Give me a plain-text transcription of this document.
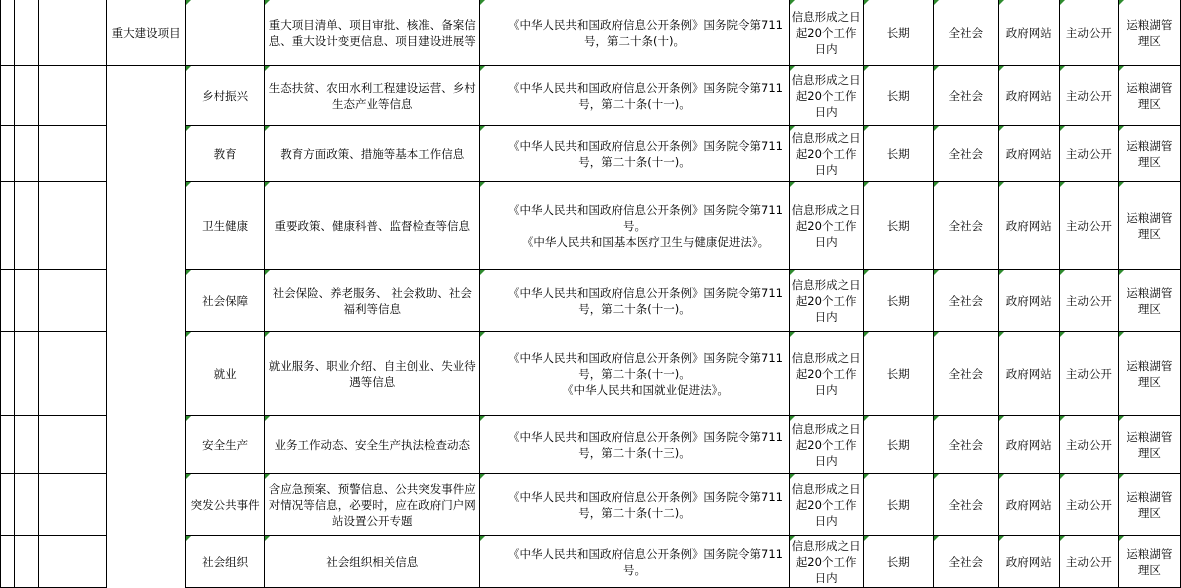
			重大建设项目		重大项目清单、项目审批、核准、备案信息、重大设计变更信息、项目建设进展等	《中华人民共和国政府信息公开条例》国务院令第711号，第二十条(十)。	信息形成之日起20个工作日内	长期	全社会	政府网站	主动公开	运粮湖管理区
				乡村振兴	生态扶贫、农田水利工程建设运营、乡村生态产业等信息	《中华人民共和国政府信息公开条例》国务院令第711号，第二十条(十一)。	信息形成之日起20个工作日内	长期	全社会	政府网站	主动公开	运粮湖管理区
				教育	教育方面政策、措施等基本工作信息	《中华人民共和国政府信息公开条例》国务院令第711号，第二十条(十一)。	信息形成之日起20个工作日内	长期	全社会	政府网站	主动公开	运粮湖管理区
				卫生健康	重要政策、健康科普、监督检查等信息	《中华人民共和国政府信息公开条例》国务院令第711号。
《中华人民共和国基本医疗卫生与健康促进法》。	信息形成之日起20个工作日内	长期	全社会	政府网站	主动公开	运粮湖管理区
				社会保障	社会保险、养老服务、 社会救助、社会福利等信息	《中华人民共和国政府信息公开条例》国务院令第711号，第二十条(十一)。	信息形成之日起20个工作日内	长期	全社会	政府网站	主动公开	运粮湖管理区
				就业	就业服务、职业介绍、自主创业、失业待遇等信息	《中华人民共和国政府信息公开条例》国务院令第711号，第二十条(十一)。
《中华人民共和国就业促进法》。	信息形成之日起20个工作日内	长期	全社会	政府网站	主动公开	运粮湖管理区
				安全生产	业务工作动态、安全生产执法检查动态	《中华人民共和国政府信息公开条例》国务院令第711号，第二十条(十三)。	信息形成之日起20个工作日内	长期	全社会	政府网站	主动公开	运粮湖管理区
				突发公共事件	含应急预案、预警信息、公共突发事件应对情况等信息，必要时，应在政府门户网站设置公开专题	《中华人民共和国政府信息公开条例》国务院令第711号，第二十条(十二)。	信息形成之日起20个工作日内	长期	全社会	政府网站	主动公开	运粮湖管理区
				社会组织	社会组织相关信息	《中华人民共和国政府信息公开条例》国务院令第711号。	信息形成之日起20个工作日内	长期	全社会	政府网站	主动公开	运粮湖管理区
